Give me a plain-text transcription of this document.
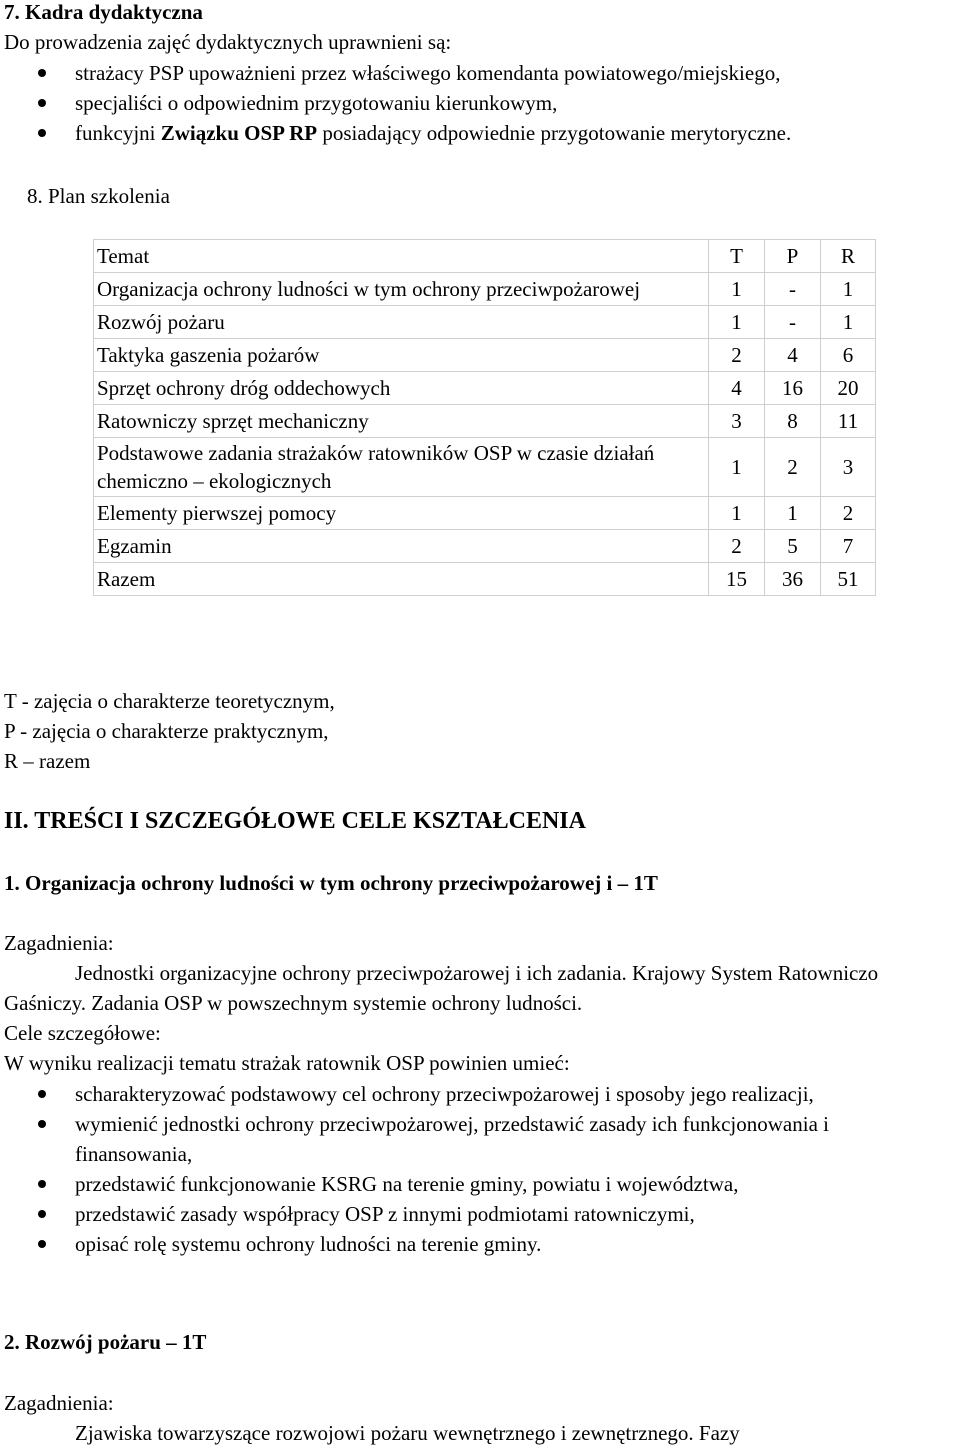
7. Kadra dydaktyczna
Do prowadzenia zajęć dydaktycznych uprawnieni są:
strażacy PSP upoważnieni przez właściwego komendanta powiatowego/miejskiego,
specjaliści o odpowiednim przygotowaniu kierunkowym,
funkcyjni Związku OSP RP posiadający odpowiednie przygotowanie merytoryczne.
8. Plan szkolenia
Temat	T	P	R
Organizacja ochrony ludności w tym ochrony przeciwpożarowej	1	-	1
Rozwój pożaru	1	-	1
Taktyka gaszenia pożarów	2	4	6
Sprzęt ochrony dróg oddechowych	4	16	20
Ratowniczy sprzęt mechaniczny	3	8	11
Podstawowe zadania strażaków ratowników OSP w czasie działań chemiczno – ekologicznych	1	2	3
Elementy pierwszej pomocy	1	1	2
Egzamin	2	5	7
Razem	15	36	51
T - zajęcia o charakterze teoretycznym,
P - zajęcia o charakterze praktycznym,
R – razem
II. TREŚCI I SZCZEGÓŁOWE CELE KSZTAŁCENIA
1. Organizacja ochrony ludności w tym ochrony przeciwpożarowej i – 1T
Zagadnienia:
Jednostki organizacyjne ochrony przeciwpożarowej i ich zadania. Krajowy System Ratowniczo Gaśniczy. Zadania OSP w powszechnym systemie ochrony ludności.
Cele szczegółowe:
W wyniku realizacji tematu strażak ratownik OSP powinien umieć:
scharakteryzować podstawowy cel ochrony przeciwpożarowej i sposoby jego realizacji,
wymienić jednostki ochrony przeciwpożarowej, przedstawić zasady ich funkcjonowania i finansowania,
przedstawić funkcjonowanie KSRG na terenie gminy, powiatu i województwa,
przedstawić zasady współpracy OSP z innymi podmiotami ratowniczymi,
opisać rolę systemu ochrony ludności na terenie gminy.
2. Rozwój pożaru – 1T
Zagadnienia:
Zjawiska towarzyszące rozwojowi pożaru wewnętrznego i zewnętrznego. Fazy
